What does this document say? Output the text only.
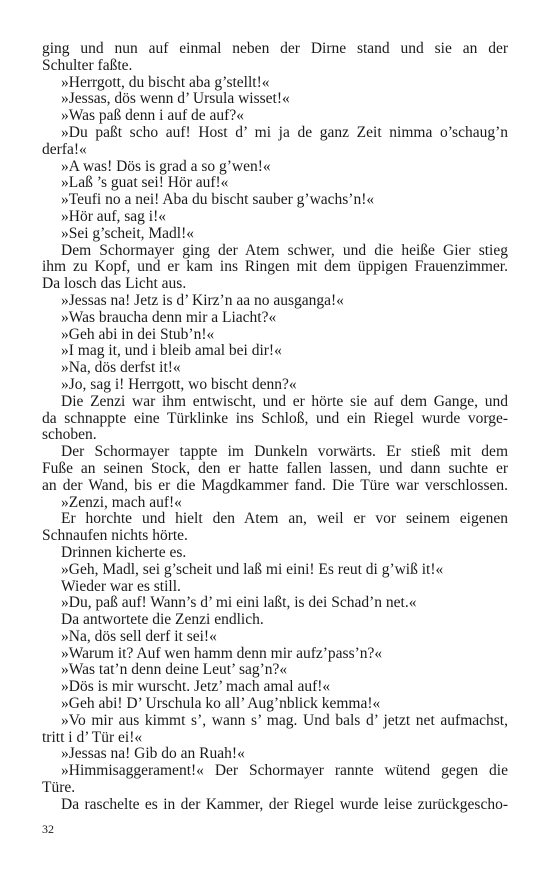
ging und nun auf einmal neben der Dirne stand und sie an der
Schulter faßte.
»Herrgott, du bischt aba g’stellt!«
»Jessas, dös wenn d’ Ursula wisset!«
»Was paß denn i auf de auf?«
»Du paßt scho auf! Host d’ mi ja de ganz Zeit nimma o’schaug’n
derfa!«
»A was! Dös is grad a so g’wen!«
»Laß ’s guat sei! Hör auf!«
»Teufi no a nei! Aba du bischt sauber g’wachs’n!«
»Hör auf, sag i!«
»Sei g’scheit, Madl!«
Dem Schormayer ging der Atem schwer, und die heiße Gier stieg
ihm zu Kopf, und er kam ins Ringen mit dem üppigen Frauenzimmer.
Da losch das Licht aus.
»Jessas na! Jetz is d’ Kirz’n aa no ausganga!«
»Was braucha denn mir a Liacht?«
»Geh abi in dei Stub’n!«
»I mag it, und i bleib amal bei dir!«
»Na, dös derfst it!«
»Jo, sag i! Herrgott, wo bischt denn?«
Die Zenzi war ihm entwischt, und er hörte sie auf dem Gange, und
da schnappte eine Türklinke ins Schloß, und ein Riegel wurde vorge-
schoben.
Der Schormayer tappte im Dunkeln vorwärts. Er stieß mit dem
Fuße an seinen Stock, den er hatte fallen lassen, und dann suchte er
an der Wand, bis er die Magdkammer fand. Die Türe war verschlossen.
»Zenzi, mach auf!«
Er horchte und hielt den Atem an, weil er vor seinem eigenen
Schnaufen nichts hörte.
Drinnen kicherte es.
»Geh, Madl, sei g’scheit und laß mi eini! Es reut di g’wiß it!«
Wieder war es still.
»Du, paß auf! Wann’s d’ mi eini laßt, is dei Schad’n net.«
Da antwortete die Zenzi endlich.
»Na, dös sell derf it sei!«
»Warum it? Auf wen hamm denn mir aufz’pass’n?«
»Was tat’n denn deine Leut’ sag’n?«
»Dös is mir wurscht. Jetz’ mach amal auf!«
»Geh abi! D’ Urschula ko all’ Aug’nblick kemma!«
»Vo mir aus kimmt s’, wann s’ mag. Und bals d’ jetzt net aufmachst,
tritt i d’ Tür ei!«
»Jessas na! Gib do an Ruah!«
»Himmisaggerament!« Der Schormayer rannte wütend gegen die
Türe.
Da raschelte es in der Kammer, der Riegel wurde leise zurückgescho-
32
